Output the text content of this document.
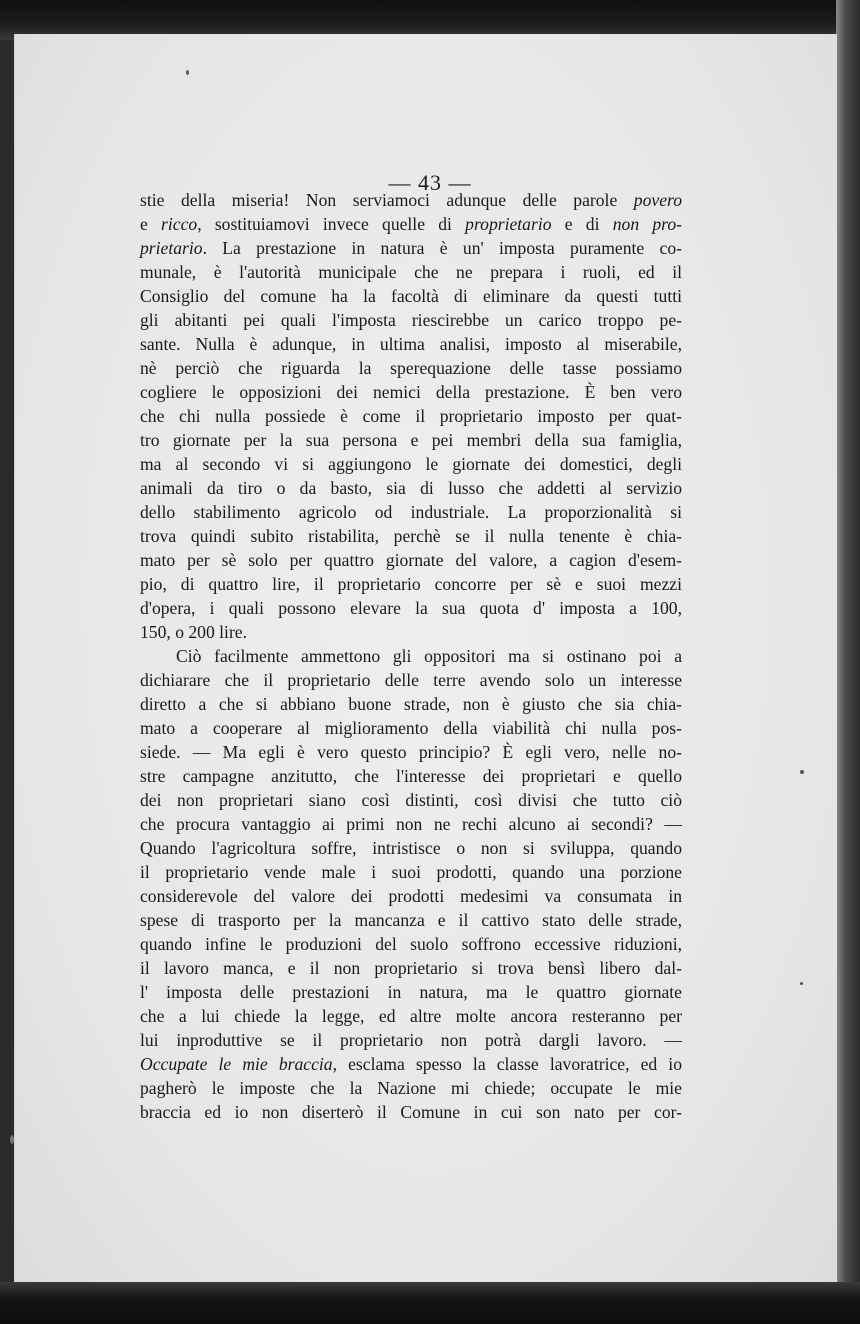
— 43 —
stie della miseria! Non serviamoci adunque delle parole povero
e ricco, sostituiamovi invece quelle di proprietario e di non pro-
prietario. La prestazione in natura è un' imposta puramente co-
munale, è l'autorità municipale che ne prepara i ruoli, ed il
Consiglio del comune ha la facoltà di eliminare da questi tutti
gli abitanti pei quali l'imposta riescirebbe un carico troppo pe-
sante. Nulla è adunque, in ultima analisi, imposto al miserabile,
nè perciò che riguarda la sperequazione delle tasse possiamo
cogliere le opposizioni dei nemici della prestazione. È ben vero
che chi nulla possiede è come il proprietario imposto per quat-
tro giornate per la sua persona e pei membri della sua famiglia,
ma al secondo vi si aggiungono le giornate dei domestici, degli
animali da tiro o da basto, sia di lusso che addetti al servizio
dello stabilimento agricolo od industriale. La proporzionalità si
trova quindi subito ristabilita, perchè se il nulla tenente è chia-
mato per sè solo per quattro giornate del valore, a cagion d'esem-
pio, di quattro lire, il proprietario concorre per sè e suoi mezzi
d'opera, i quali possono elevare la sua quota d' imposta a 100,
150, o 200 lire.
Ciò facilmente ammettono gli oppositori ma si ostinano poi a
dichiarare che il proprietario delle terre avendo solo un interesse
diretto a che si abbiano buone strade, non è giusto che sia chia-
mato a cooperare al miglioramento della viabilità chi nulla pos-
siede. — Ma egli è vero questo principio? È egli vero, nelle no-
stre campagne anzitutto, che l'interesse dei proprietari e quello
dei non proprietari siano così distinti, così divisi che tutto ciò
che procura vantaggio ai primi non ne rechi alcuno ai secondi? —
Quando l'agricoltura soffre, intristisce o non si sviluppa, quando
il proprietario vende male i suoi prodotti, quando una porzione
considerevole del valore dei prodotti medesimi va consumata in
spese di trasporto per la mancanza e il cattivo stato delle strade,
quando infine le produzioni del suolo soffrono eccessive riduzioni,
il lavoro manca, e il non proprietario si trova bensì libero dal-
l' imposta delle prestazioni in natura, ma le quattro giornate
che a lui chiede la legge, ed altre molte ancora resteranno per
lui inproduttive se il proprietario non potrà dargli lavoro. —
Occupate le mie braccia, esclama spesso la classe lavoratrice, ed io
pagherò le imposte che la Nazione mi chiede; occupate le mie
braccia ed io non diserterò il Comune in cui son nato per cor-
